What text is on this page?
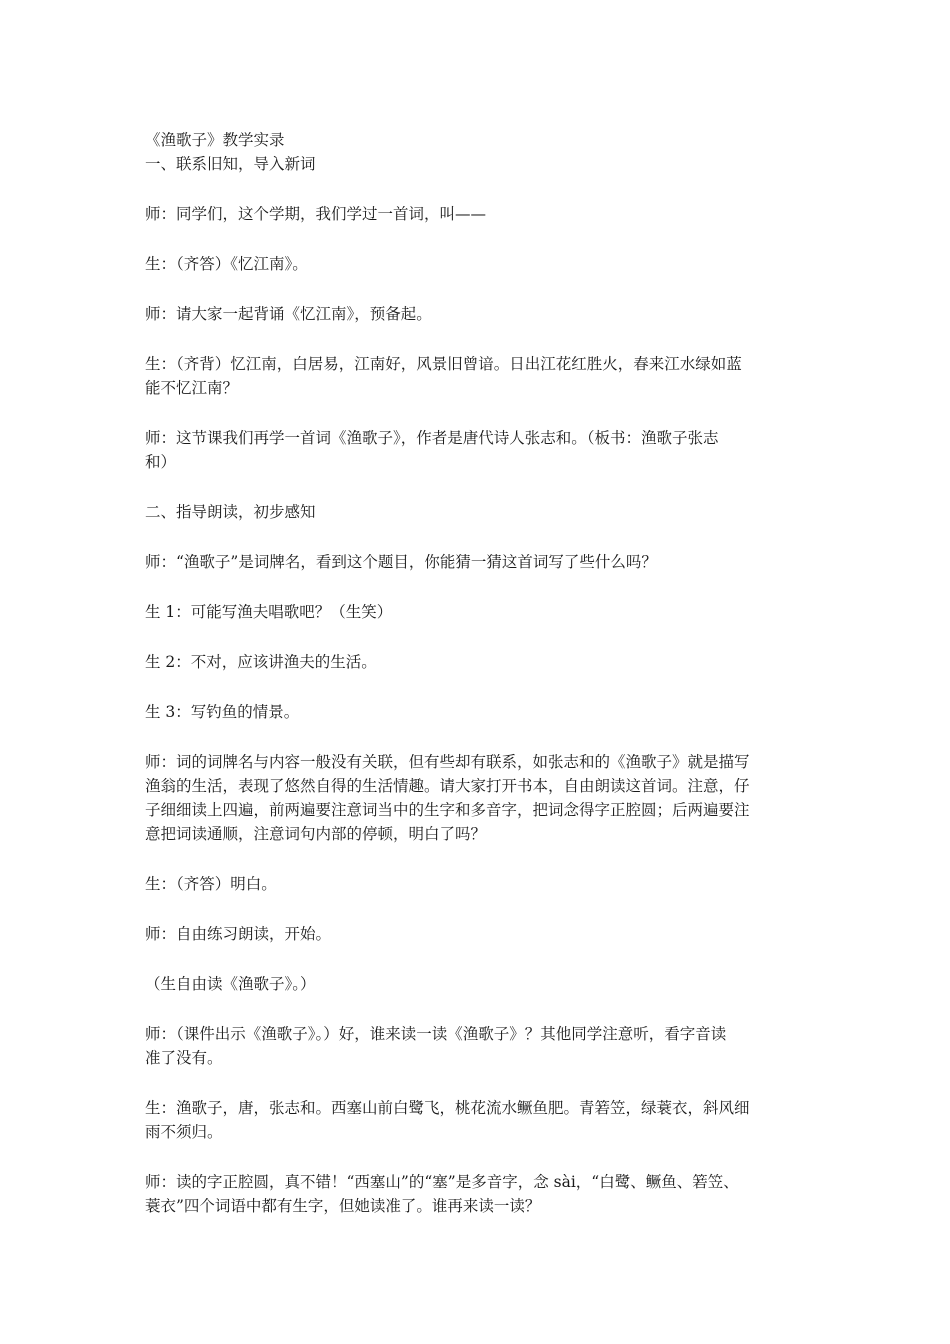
《渔歌子》教学实录

一、联系旧知，导入新词

师：同学们，这个学期，我们学过一首词，叫——

生：（齐答）《忆江南》。

师：请大家一起背诵《忆江南》，预备起。

生：（齐背）忆江南，白居易，江南好，风景旧曾谙。日出江花红胜火，春来江水绿如蓝

能不忆江南？

师：这节课我们再学一首词《渔歌子》，作者是唐代诗人张志和。（板书：渔歌子张志

和）

二、指导朗读，初步感知

师：“渔歌子”是词牌名，看到这个题目，你能猜一猜这首词写了些什么吗？

生 1：可能写渔夫唱歌吧？（生笑）

生 2：不对，应该讲渔夫的生活。

生 3：写钓鱼的情景。

师：词的词牌名与内容一般没有关联，但有些却有联系，如张志和的《渔歌子》就是描写

渔翁的生活，表现了悠然自得的生活情趣。请大家打开书本，自由朗读这首词。注意，仔

子细细读上四遍，前两遍要注意词当中的生字和多音字，把词念得字正腔圆；后两遍要注

意把词读通顺，注意词句内部的停顿，明白了吗？

生：（齐答）明白。

师：自由练习朗读，开始。

（生自由读《渔歌子》。）

师：（课件出示《渔歌子》。）好，谁来读一读《渔歌子》？其他同学注意听，看字音读

准了没有。

生：渔歌子，唐，张志和。西塞山前白鹭飞，桃花流水鳜鱼肥。青箬笠，绿蓑衣，斜风细

雨不须归。

师：读的字正腔圆，真不错！“西塞山”的“塞”是多音字，念 sài，“白鹭、鳜鱼、箬笠、

蓑衣”四个词语中都有生字，但她读准了。谁再来读一读？
